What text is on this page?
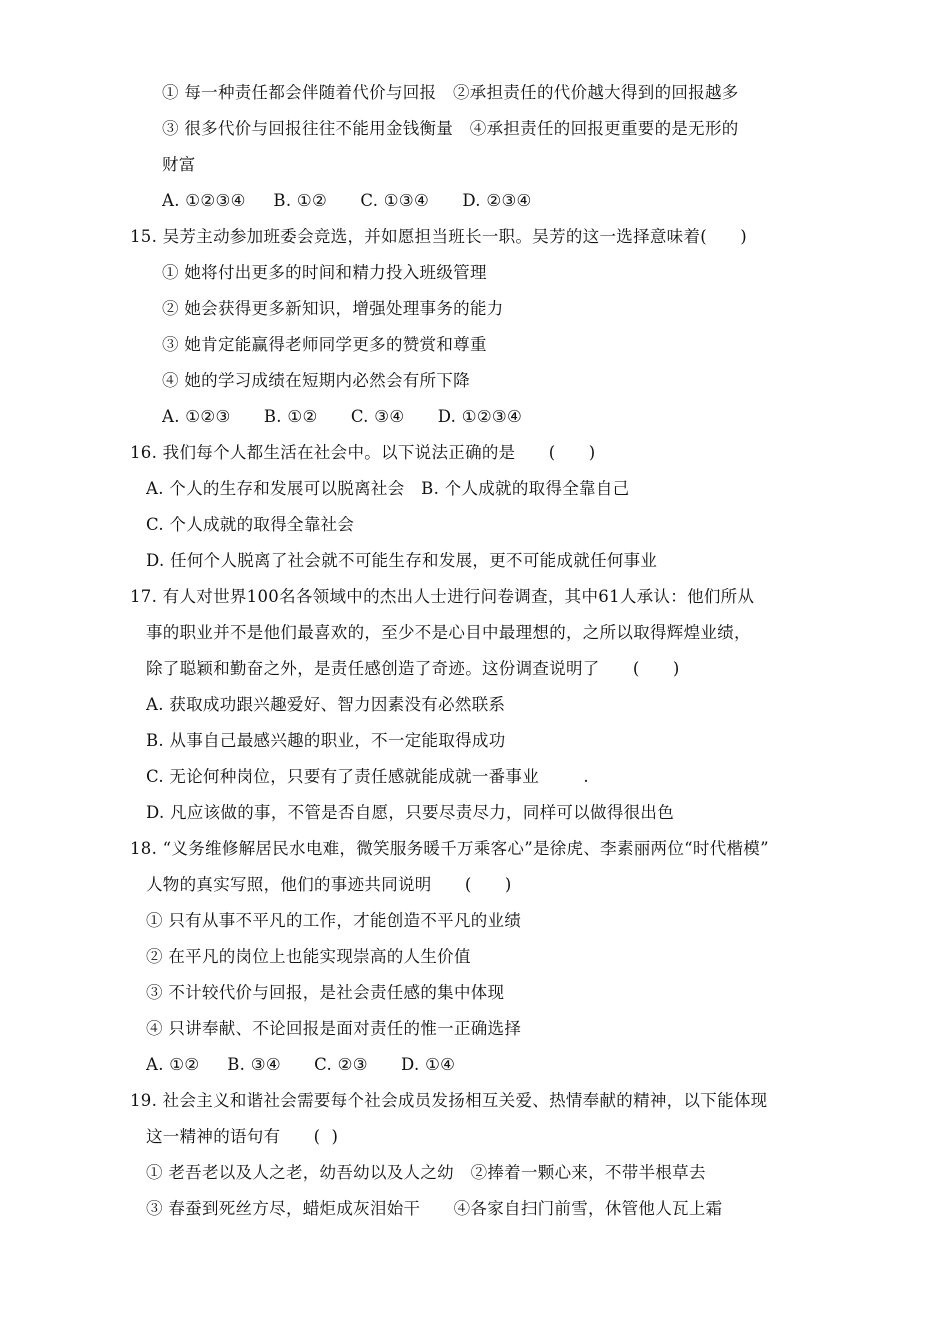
① 每一种责任都会伴随着代价与回报   ②承担责任的代价越大得到的回报越多
③ 很多代价与回报往往不能用金钱衡量   ④承担责任的回报更重要的是无形的
财富
A. ①②③④     B. ①②      C. ①③④      D. ②③④
15. 吴芳主动参加班委会竞选，并如愿担当班长一职。吴芳的这一选择意味着(      )
① 她将付出更多的时间和精力投入班级管理
② 她会获得更多新知识，增强处理事务的能力
③ 她肯定能赢得老师同学更多的赞赏和尊重
④ 她的学习成绩在短期内必然会有所下降
A. ①②③      B. ①②      C. ③④      D. ①②③④
16. 我们每个人都生活在社会中。以下说法正确的是      (      )
A. 个人的生存和发展可以脱离社会   B. 个人成就的取得全靠自己
C. 个人成就的取得全靠社会
D. 任何个人脱离了社会就不可能生存和发展，更不可能成就任何事业
17. 有人对世界100名各领域中的杰出人士进行问卷调查，其中61人承认：他们所从
事的职业并不是他们最喜欢的，至少不是心目中最理想的，之所以取得辉煌业绩，
除了聪颖和勤奋之外，是责任感创造了奇迹。这份调查说明了      (      )
A. 获取成功跟兴趣爱好、智力因素没有必然联系
B. 从事自己最感兴趣的职业，不一定能取得成功
C. 无论何种岗位，只要有了责任感就能成就一番事业        .
D. 凡应该做的事，不管是否自愿，只要尽责尽力，同样可以做得很出色
18. “义务维修解居民水电难，微笑服务暖千万乘客心”是徐虎、李素丽两位“时代楷模”
人物的真实写照，他们的事迹共同说明      (      )
① 只有从事不平凡的工作，才能创造不平凡的业绩
② 在平凡的岗位上也能实现崇高的人生价值
③ 不计较代价与回报，是社会责任感的集中体现
④ 只讲奉献、不论回报是面对责任的惟一正确选择
A. ①②     B. ③④      C. ②③      D. ①④
19. 社会主义和谐社会需要每个社会成员发扬相互关爱、热情奉献的精神，以下能体现
这一精神的语句有      (  )
① 老吾老以及人之老，幼吾幼以及人之幼   ②捧着一颗心来，不带半根草去
③ 春蚕到死丝方尽，蜡炬成灰泪始干      ④各家自扫门前雪，休管他人瓦上霜
